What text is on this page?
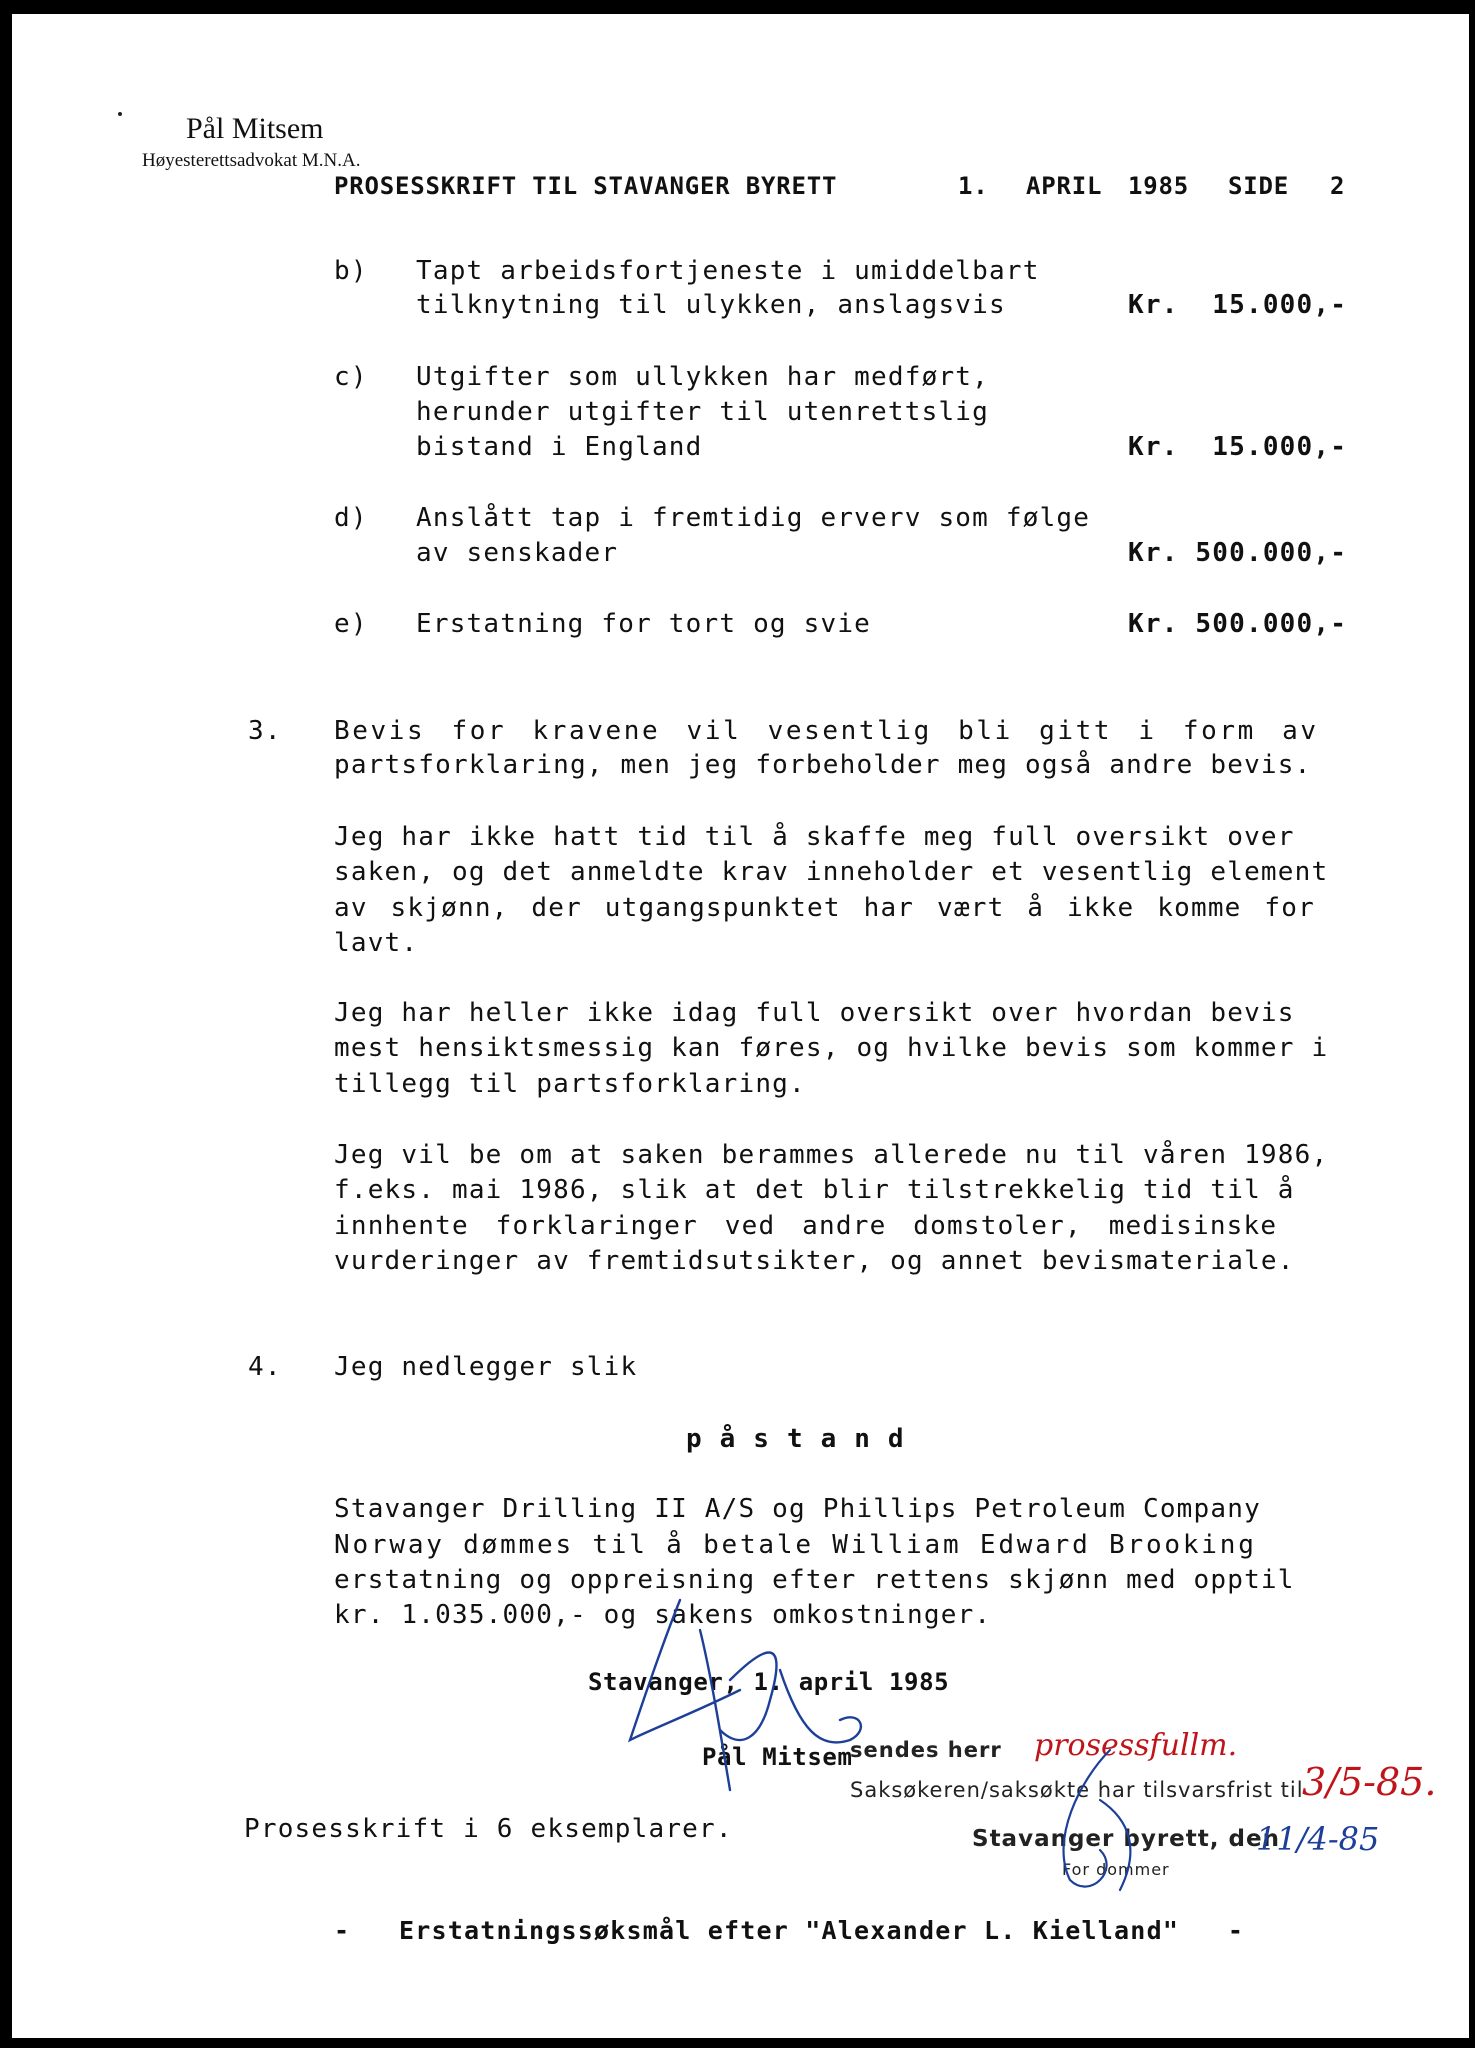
Pål Mitsem
Høyesterettsadvokat M.N.A.
PROSESSKRIFT TIL STAVANGER BYRETT	1. APRIL 1985 SIDE 2
b) Tapt arbeidsfortjeneste i umiddelbart
tilknytning til ulykken, anslagsvis	Kr.  15.000,-
c) Utgifter som ullykken har medført,
herunder utgifter til utenrettslig
bistand i England	Kr.  15.000,-
d) Anslått tap i fremtidig erverv som følge
av senskader	Kr. 500.000,-
e) Erstatning for tort og svie	Kr. 500.000,-
3. Bevis for kravene vil vesentlig bli gitt i form av
partsforklaring, men jeg forbeholder meg også andre bevis.
Jeg har ikke hatt tid til å skaffe meg full oversikt over
saken, og det anmeldte krav inneholder et vesentlig element
av skjønn, der utgangspunktet har vært å ikke komme for
lavt.
Jeg har heller ikke idag full oversikt over hvordan bevis
mest hensiktsmessig kan føres, og hvilke bevis som kommer i
tillegg til partsforklaring.
Jeg vil be om at saken berammes allerede nu til våren 1986,
f.eks. mai 1986, slik at det blir tilstrekkelig tid til å
innhente forklaringer ved andre domstoler, medisinske
vurderinger av fremtidsutsikter, og annet bevismateriale.
4. Jeg nedlegger slik
påstand
Stavanger Drilling II A/S og Phillips Petroleum Company
Norway dømmes til å betale William Edward Brooking
erstatning og oppreisning efter rettens skjønn med opptil
kr. 1.035.000,- og sakens omkostninger.
Stavanger, 1. april 1985
Pål Mitsem
sendes herr prosessfullm.
Saksøkeren/saksøkte har tilsvarsfrist til
3/5-85.
Stavanger byrett, den
11/4-85
For dommer
Prosesskrift i 6 eksemplarer.
-   Erstatningssøksmål efter "Alexander L. Kielland"   -
